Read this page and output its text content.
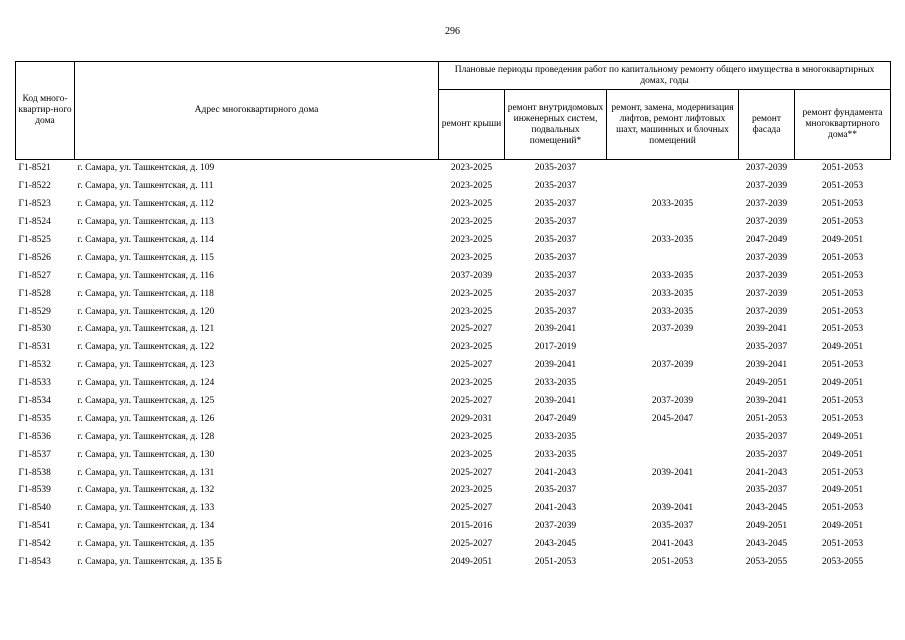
296
Код много-квартир-ного дома	Адрес многоквартирного дома	Плановые периоды проведения работ по капитальному ремонту общего имущества в многоквартирных домах, годы				
		ремонт крыши	ремонт внутридомовых инженерных систем, подвальных помещений*	ремонт, замена, модернизация лифтов, ремонт лифтовых шахт, машинных и блочных помещений	ремонт фасада	ремонт фундамента многоквартирного дома**
Г1-8521	г. Самара, ул. Ташкентская, д. 109	2023-2025	2035-2037		2037-2039	2051-2053
Г1-8522	г. Самара, ул. Ташкентская, д. 111	2023-2025	2035-2037		2037-2039	2051-2053
Г1-8523	г. Самара, ул. Ташкентская, д. 112	2023-2025	2035-2037	2033-2035	2037-2039	2051-2053
Г1-8524	г. Самара, ул. Ташкентская, д. 113	2023-2025	2035-2037		2037-2039	2051-2053
Г1-8525	г. Самара, ул. Ташкентская, д. 114	2023-2025	2035-2037	2033-2035	2047-2049	2049-2051
Г1-8526	г. Самара, ул. Ташкентская, д. 115	2023-2025	2035-2037		2037-2039	2051-2053
Г1-8527	г. Самара, ул. Ташкентская, д. 116	2037-2039	2035-2037	2033-2035	2037-2039	2051-2053
Г1-8528	г. Самара, ул. Ташкентская, д. 118	2023-2025	2035-2037	2033-2035	2037-2039	2051-2053
Г1-8529	г. Самара, ул. Ташкентская, д. 120	2023-2025	2035-2037	2033-2035	2037-2039	2051-2053
Г1-8530	г. Самара, ул. Ташкентская, д. 121	2025-2027	2039-2041	2037-2039	2039-2041	2051-2053
Г1-8531	г. Самара, ул. Ташкентская, д. 122	2023-2025	2017-2019		2035-2037	2049-2051
Г1-8532	г. Самара, ул. Ташкентская, д. 123	2025-2027	2039-2041	2037-2039	2039-2041	2051-2053
Г1-8533	г. Самара, ул. Ташкентская, д. 124	2023-2025	2033-2035		2049-2051	2049-2051
Г1-8534	г. Самара, ул. Ташкентская, д. 125	2025-2027	2039-2041	2037-2039	2039-2041	2051-2053
Г1-8535	г. Самара, ул. Ташкентская, д. 126	2029-2031	2047-2049	2045-2047	2051-2053	2051-2053
Г1-8536	г. Самара, ул. Ташкентская, д. 128	2023-2025	2033-2035		2035-2037	2049-2051
Г1-8537	г. Самара, ул. Ташкентская, д. 130	2023-2025	2033-2035		2035-2037	2049-2051
Г1-8538	г. Самара, ул. Ташкентская, д. 131	2025-2027	2041-2043	2039-2041	2041-2043	2051-2053
Г1-8539	г. Самара, ул. Ташкентская, д. 132	2023-2025	2035-2037		2035-2037	2049-2051
Г1-8540	г. Самара, ул. Ташкентская, д. 133	2025-2027	2041-2043	2039-2041	2043-2045	2051-2053
Г1-8541	г. Самара, ул. Ташкентская, д. 134	2015-2016	2037-2039	2035-2037	2049-2051	2049-2051
Г1-8542	г. Самара, ул. Ташкентская, д. 135	2025-2027	2043-2045	2041-2043	2043-2045	2051-2053
Г1-8543	г. Самара, ул. Ташкентская, д. 135 Б	2049-2051	2051-2053	2051-2053	2053-2055	2053-2055
